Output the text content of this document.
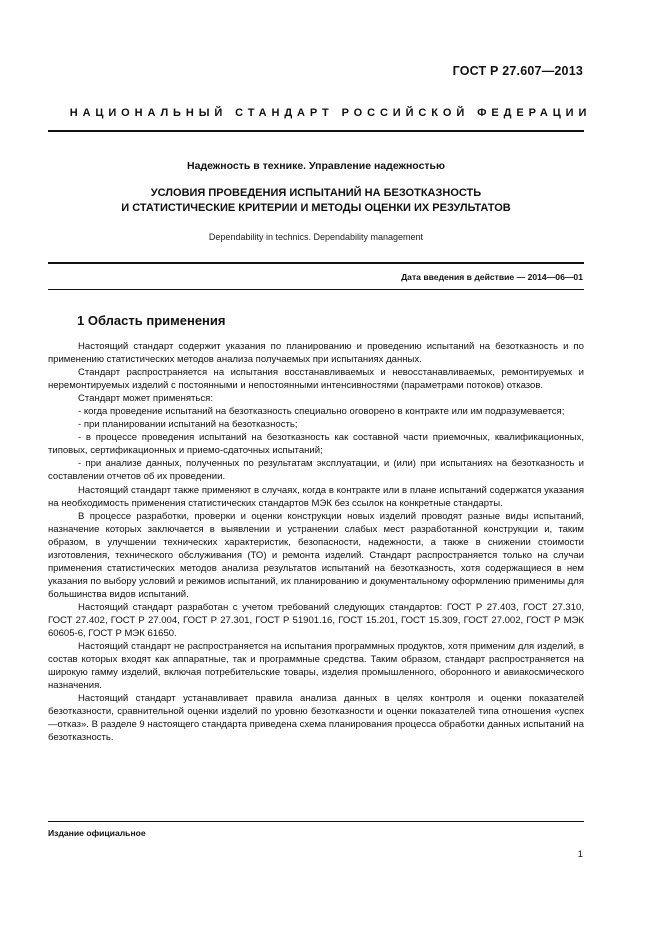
ГОСТ Р 27.607—2013
НАЦИОНАЛЬНЫЙ СТАНДАРТ РОССИЙСКОЙ ФЕДЕРАЦИИ
Надежность в технике. Управление надежностью
УСЛОВИЯ ПРОВЕДЕНИЯ ИСПЫТАНИЙ НА БЕЗОТКАЗНОСТЬ
И СТАТИСТИЧЕСКИЕ КРИТЕРИИ И МЕТОДЫ ОЦЕНКИ ИХ РЕЗУЛЬТАТОВ
Dependability in technics. Dependability management
Дата введения в действие — 2014—06—01
1 Область применения

Настоящий стандарт содержит указания по планированию и проведению испытаний на безотказность и по применению статистических методов анализа получаемых при испытаниях данных.

Стандарт распространяется на испытания восстанавливаемых и невосстанавливаемых, ремонтируемых и неремонтируемых изделий с постоянными и непостоянными интенсивностями (параметрами потоков) отказов.

Стандарт может применяться:

- когда проведение испытаний на безотказность специально оговорено в контракте или им подразумевается;

- при планировании испытаний на безотказность;

- в процессе проведения испытаний на безотказность как составной части приемочных, квалификационных, типовых, сертификационных и приемо-сдаточных испытаний;

- при анализе данных, полученных по результатам эксплуатации, и (или) при испытаниях на безотказность и составлении отчетов об их проведении.

Настоящий стандарт также применяют в случаях, когда в контракте или в плане испытаний содержатся указания на необходимость применения статистических стандартов МЭК без ссылок на конкретные стандарты.

В процессе разработки, проверки и оценки конструкции новых изделий проводят разные виды испытаний, назначение которых заключается в выявлении и устранении слабых мест разработанной конструкции и, таким образом, в улучшении технических характеристик, безопасности, надежности, а также в снижении стоимости изготовления, технического обслуживания (ТО) и ремонта изделий. Стандарт распространяется только на случаи применения статистических методов анализа результатов испытаний на безотказность, хотя содержащиеся в нем указания по выбору условий и режимов испытаний, их планированию и документальному оформлению применимы для большинства видов испытаний.

Настоящий стандарт разработан с учетом требований следующих стандартов: ГОСТ Р 27.403, ГОСТ 27.310, ГОСТ 27.402, ГОСТ Р 27.004, ГОСТ Р 27.301, ГОСТ Р 51901.16, ГОСТ 15.201, ГОСТ 15.309, ГОСТ 27.002, ГОСТ Р МЭК 60605-6, ГОСТ Р МЭК 61650.

Настоящий стандарт не распространяется на испытания программных продуктов, хотя применим для изделий, в состав которых входят как аппаратные, так и программные средства. Таким образом, стандарт распространяется на широкую гамму изделий, включая потребительские товары, изделия промышленного, оборонного и авиакосмического назначения.

Настоящий стандарт устанавливает правила анализа данных в целях контроля и оценки показателей безотказности, сравнительной оценки изделий по уровню безотказности и оценки показателей типа отношения «успех—отказ». В разделе 9 настоящего стандарта приведена схема планирования процесса обработки данных испытаний на безотказность.

Издание официальное
1
